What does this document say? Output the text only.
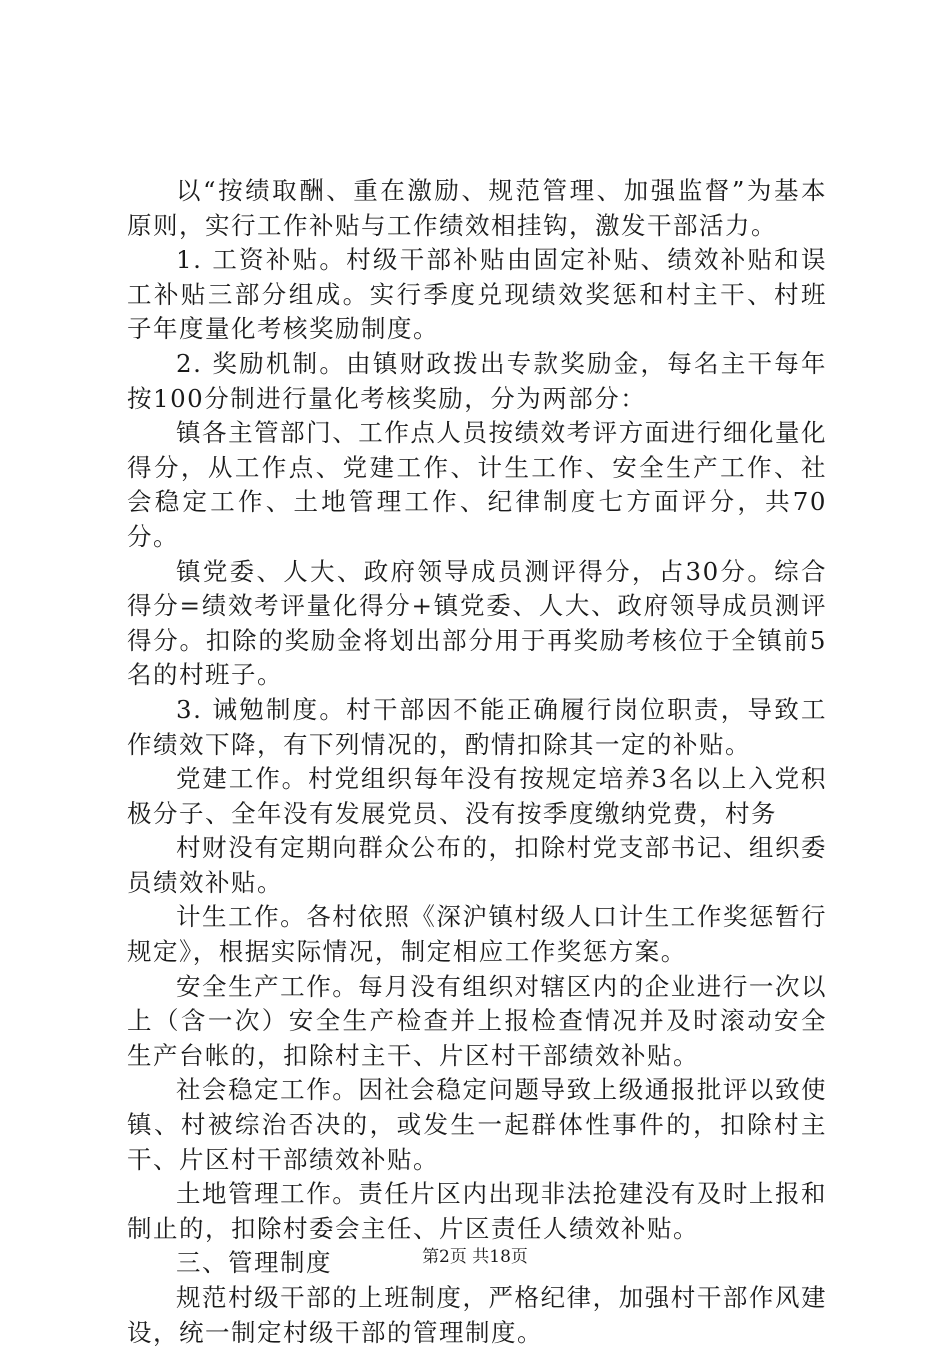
以“按绩取酬、重在激励、规范管理、加强监督”为基本原则，实行工作补贴与工作绩效相挂钩，激发干部活力。

1. 工资补贴。村级干部补贴由固定补贴、绩效补贴和误工补贴三部分组成。实行季度兑现绩效奖惩和村主干、村班子年度量化考核奖励制度。

2. 奖励机制。由镇财政拨出专款奖励金，每名主干每年按100分制进行量化考核奖励，分为两部分：

镇各主管部门、工作点人员按绩效考评方面进行细化量化得分，从工作点、党建工作、计生工作、安全生产工作、社会稳定工作、土地管理工作、纪律制度七方面评分，共70分。

镇党委、人大、政府领导成员测评得分，占30分。综合得分=绩效考评量化得分+镇党委、人大、政府领导成员测评得分。扣除的奖励金将划出部分用于再奖励考核位于全镇前5名的村班子。

3. 诫勉制度。村干部因不能正确履行岗位职责，导致工作绩效下降，有下列情况的，酌情扣除其一定的补贴。

党建工作。村党组织每年没有按规定培养3名以上入党积极分子、全年没有发展党员、没有按季度缴纳党费，村务

村财没有定期向群众公布的，扣除村党支部书记、组织委员绩效补贴。

计生工作。各村依照《深沪镇村级人口计生工作奖惩暂行规定》，根据实际情况，制定相应工作奖惩方案。

安全生产工作。每月没有组织对辖区内的企业进行一次以上（含一次）安全生产检查并上报检查情况并及时滚动安全生产台帐的，扣除村主干、片区村干部绩效补贴。

社会稳定工作。因社会稳定问题导致上级通报批评以致使镇、村被综治否决的，或发生一起群体性事件的，扣除村主干、片区村干部绩效补贴。

土地管理工作。责任片区内出现非法抢建没有及时上报和制止的，扣除村委会主任、片区责任人绩效补贴。

三、管理制度

规范村级干部的上班制度，严格纪律，加强村干部作风建设，统一制定村级干部的管理制度。

第2页 共18页
